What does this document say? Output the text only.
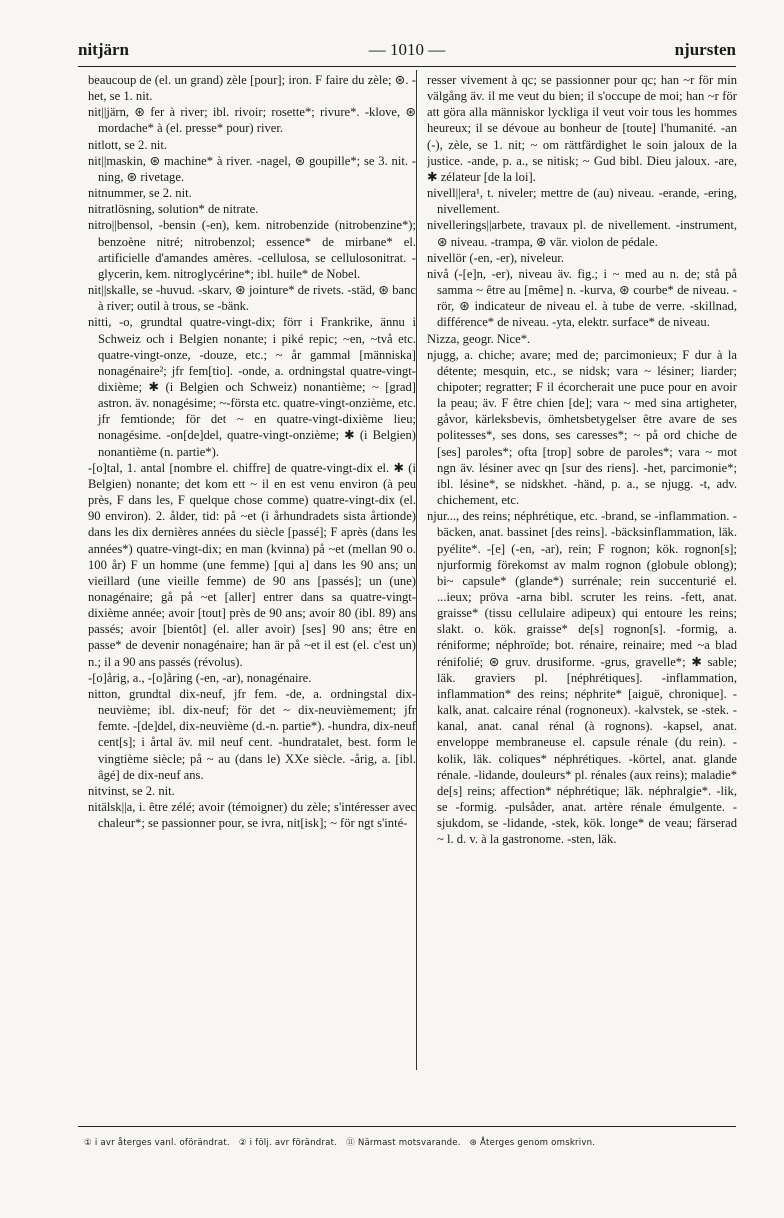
nitjärn	— 1010 —	njursten
beaucoup de (el. un grand) zèle [pour]; iron. F faire du zèle; ⊛. -het, se 1. nit.
nit||järn, ⊛ fer à river; ibl. rivoir; rosette*; rivure*. -klove, ⊛ mordache* à (el. presse* pour) river.
nitlott, se 2. nit.
nit||maskin, ⊛ machine* à river. -nagel, ⊛ goupille*; se 3. nit. -ning, ⊛ rivetage.
nitnummer, se 2. nit.
nitratlösning, solution* de nitrate.
nitro||bensol, -bensin (-en), kem. nitrobenzide (nitrobenzine*); benzoène nitré; nitrobenzol; essence* de mirbane* el. artificielle d'amandes amères. -cellulosa, se cellulosonitrat. -glycerin, kem. nitroglycérine*; ibl. huile* de Nobel.
nit||skalle, se -huvud. -skarv, ⊛ jointure* de rivets. -städ, ⊛ banc à river; outil à trous, se -bänk.
nitti, -o, grundtal quatre-vingt-dix; förr i Frankrike, ännu i Schweiz och i Belgien nonante; i piké repic; ~en, ~två etc. quatre-vingt-onze, -douze, etc.; ~ år gammal [människa] nonagénaire²; jfr fem[tio]. -onde, a. ordningstal quatre-vingt-dixième; ✱ (i Belgien och Schweiz) nonantième; ~ [grad] astron. äv. nonagésime; ~-första etc. quatre-vingt-onzième, etc. jfr femtionde; för det ~ en quatre-vingt-dixième lieu; nonagésime. -on[de]del, quatre-vingt-onzième; ✱ (i Belgien) nonantième (n. partie*).
-[o]tal, 1. antal [nombre el. chiffre] de quatre-vingt-dix el. ✱ (i Belgien) nonante; det kom ett ~ il en est venu environ (à peu près, F dans les, F quelque chose comme) quatre-vingt-dix (el. 90 environ). 2. ålder, tid: på ~et (i århundradets sista årtionde) dans les dix dernières années du siècle [passé]; F après (dans les années*) quatre-vingt-dix; en man (kvinna) på ~et (mellan 90 o. 100 år) F un homme (une femme) [qui a] dans les 90 ans; un vieillard (une vieille femme) de 90 ans [passés]; un (une) nonagénaire; gå på ~et [aller] entrer dans sa quatre-vingt-dixième année; avoir [tout] près de 90 ans; avoir 80 (ibl. 89) ans passés; avoir [bientôt] (el. aller avoir) [ses] 90 ans; être en passe* de devenir nonagénaire; han är på ~et il est (el. c'est un) n.; il a 90 ans passés (révolus).
-[o]årig, a., -[o]åring (-en, -ar), nonagénaire.
nitton, grundtal dix-neuf, jfr fem. -de, a. ordningstal dix-neuvième; ibl. dix-neuf; för det ~ dix-neuvièmement; jfr femte. -[de]del, dix-neuvième (d.-n. partie*). -hundra, dix-neuf cent[s]; i årtal äv. mil neuf cent. -hundratalet, best. form le vingtième siècle; på ~ au (dans le) XXe siècle. -årig, a. [ibl. âgé] de dix-neuf ans.
nitvinst, se 2. nit.
nitälsk||a, i. être zélé; avoir (témoigner) du zèle; s'intéresser avec chaleur*; se passionner pour, se ivra, nit[isk]; ~ för ngt s'inté-
resser vivement à qc; se passionner pour qc; han ~r för min välgång äv. il me veut du bien; il s'occupe de moi; han ~r för att göra alla människor lyckliga il veut voir tous les hommes heureux; il se dévoue au bonheur de [toute] l'humanité. -an (-), zèle, se 1. nit; ~ om rättfärdighet le soin jaloux de la justice. -ande, p. a., se nitisk; ~ Gud bibl. Dieu jaloux. -are, ✱ zélateur [de la loi].
nivell||era¹, t. niveler; mettre de (au) niveau. -erande, -ering, nivellement.
nivellerings||arbete, travaux pl. de nivellement. -instrument, ⊛ niveau. -trampa, ⊛ vär. violon de pédale.
nivellör (-en, -er), niveleur.
nivå (-[e]n, -er), niveau äv. fig.; i ~ med au n. de; stå på samma ~ être au [même] n. -kurva, ⊛ courbe* de niveau. -rör, ⊛ indicateur de niveau el. à tube de verre. -skillnad, différence* de niveau. -yta, elektr. surface* de niveau.
Nizza, geogr. Nice*.
njugg, a. chiche; avare; med de; parcimonieux; F dur à la détente; mesquin, etc., se nidsk; vara ~ lésiner; liarder; chipoter; regratter; F il écorcherait une puce pour en avoir la peau; äv. F être chien [de]; vara ~ med sina artigheter, gåvor, kärleksbevis, ömhetsbetygelser être avare de ses politesses*, ses dons, ses caresses*; ~ på ord chiche de [ses] paroles*; ofta [trop] sobre de paroles*; vara ~ mot ngn äv. lésiner avec qn [sur des riens]. -het, parcimonie*; ibl. lésine*, se nidskhet. -händ, p. a., se njugg. -t, adv. chichement, etc.
njur..., des reins; néphrétique, etc. -brand, se -inflammation. -bäcken, anat. bassinet [des reins]. -bäcksinflammation, läk. pyélite*. -[e] (-en, -ar), rein; F rognon; kök. rognon[s]; njurformig förekomst av malm rognon (globule oblong); bi~ capsule* (glande*) surrénale; rein succenturié el. ...ieux; pröva -arna bibl. scruter les reins. -fett, anat. graisse* (tissu cellulaire adipeux) qui entoure les reins; slakt. o. kök. graisse* de[s] rognon[s]. -formig, a. réniforme; néphroïde; bot. rénaire, reinaire; med ~a blad rénifolié; ⊛ gruv. drusiforme. -grus, gravelle*; ✱ sable; läk. graviers pl. [néphrétiques]. -inflammation, inflammation* des reins; néphrite* [aiguë, chronique]. -kalk, anat. calcaire rénal (rognoneux). -kalvstek, se -stek. -kanal, anat. canal rénal (à rognons). -kapsel, anat. enveloppe membraneuse el. capsule rénale (du rein). -kolik, läk. coliques* néphrétiques. -körtel, anat. glande rénale. -lidande, douleurs* pl. rénales (aux reins); maladie* de[s] reins; affection* néphrétique; läk. néphralgie*. -lik, se -formig. -pulsåder, anat. artère rénale émulgente. -sjukdom, se -lidande, -stek, kök. longe* de veau; färserad ~ l. d. v. à la gastronome. -sten, läk.
① i avr återges vanl. oförändrat. ② i följ. avr förändrat. ⑪ Närmast motsvarande. ⊛ Återges genom omskrivn.
